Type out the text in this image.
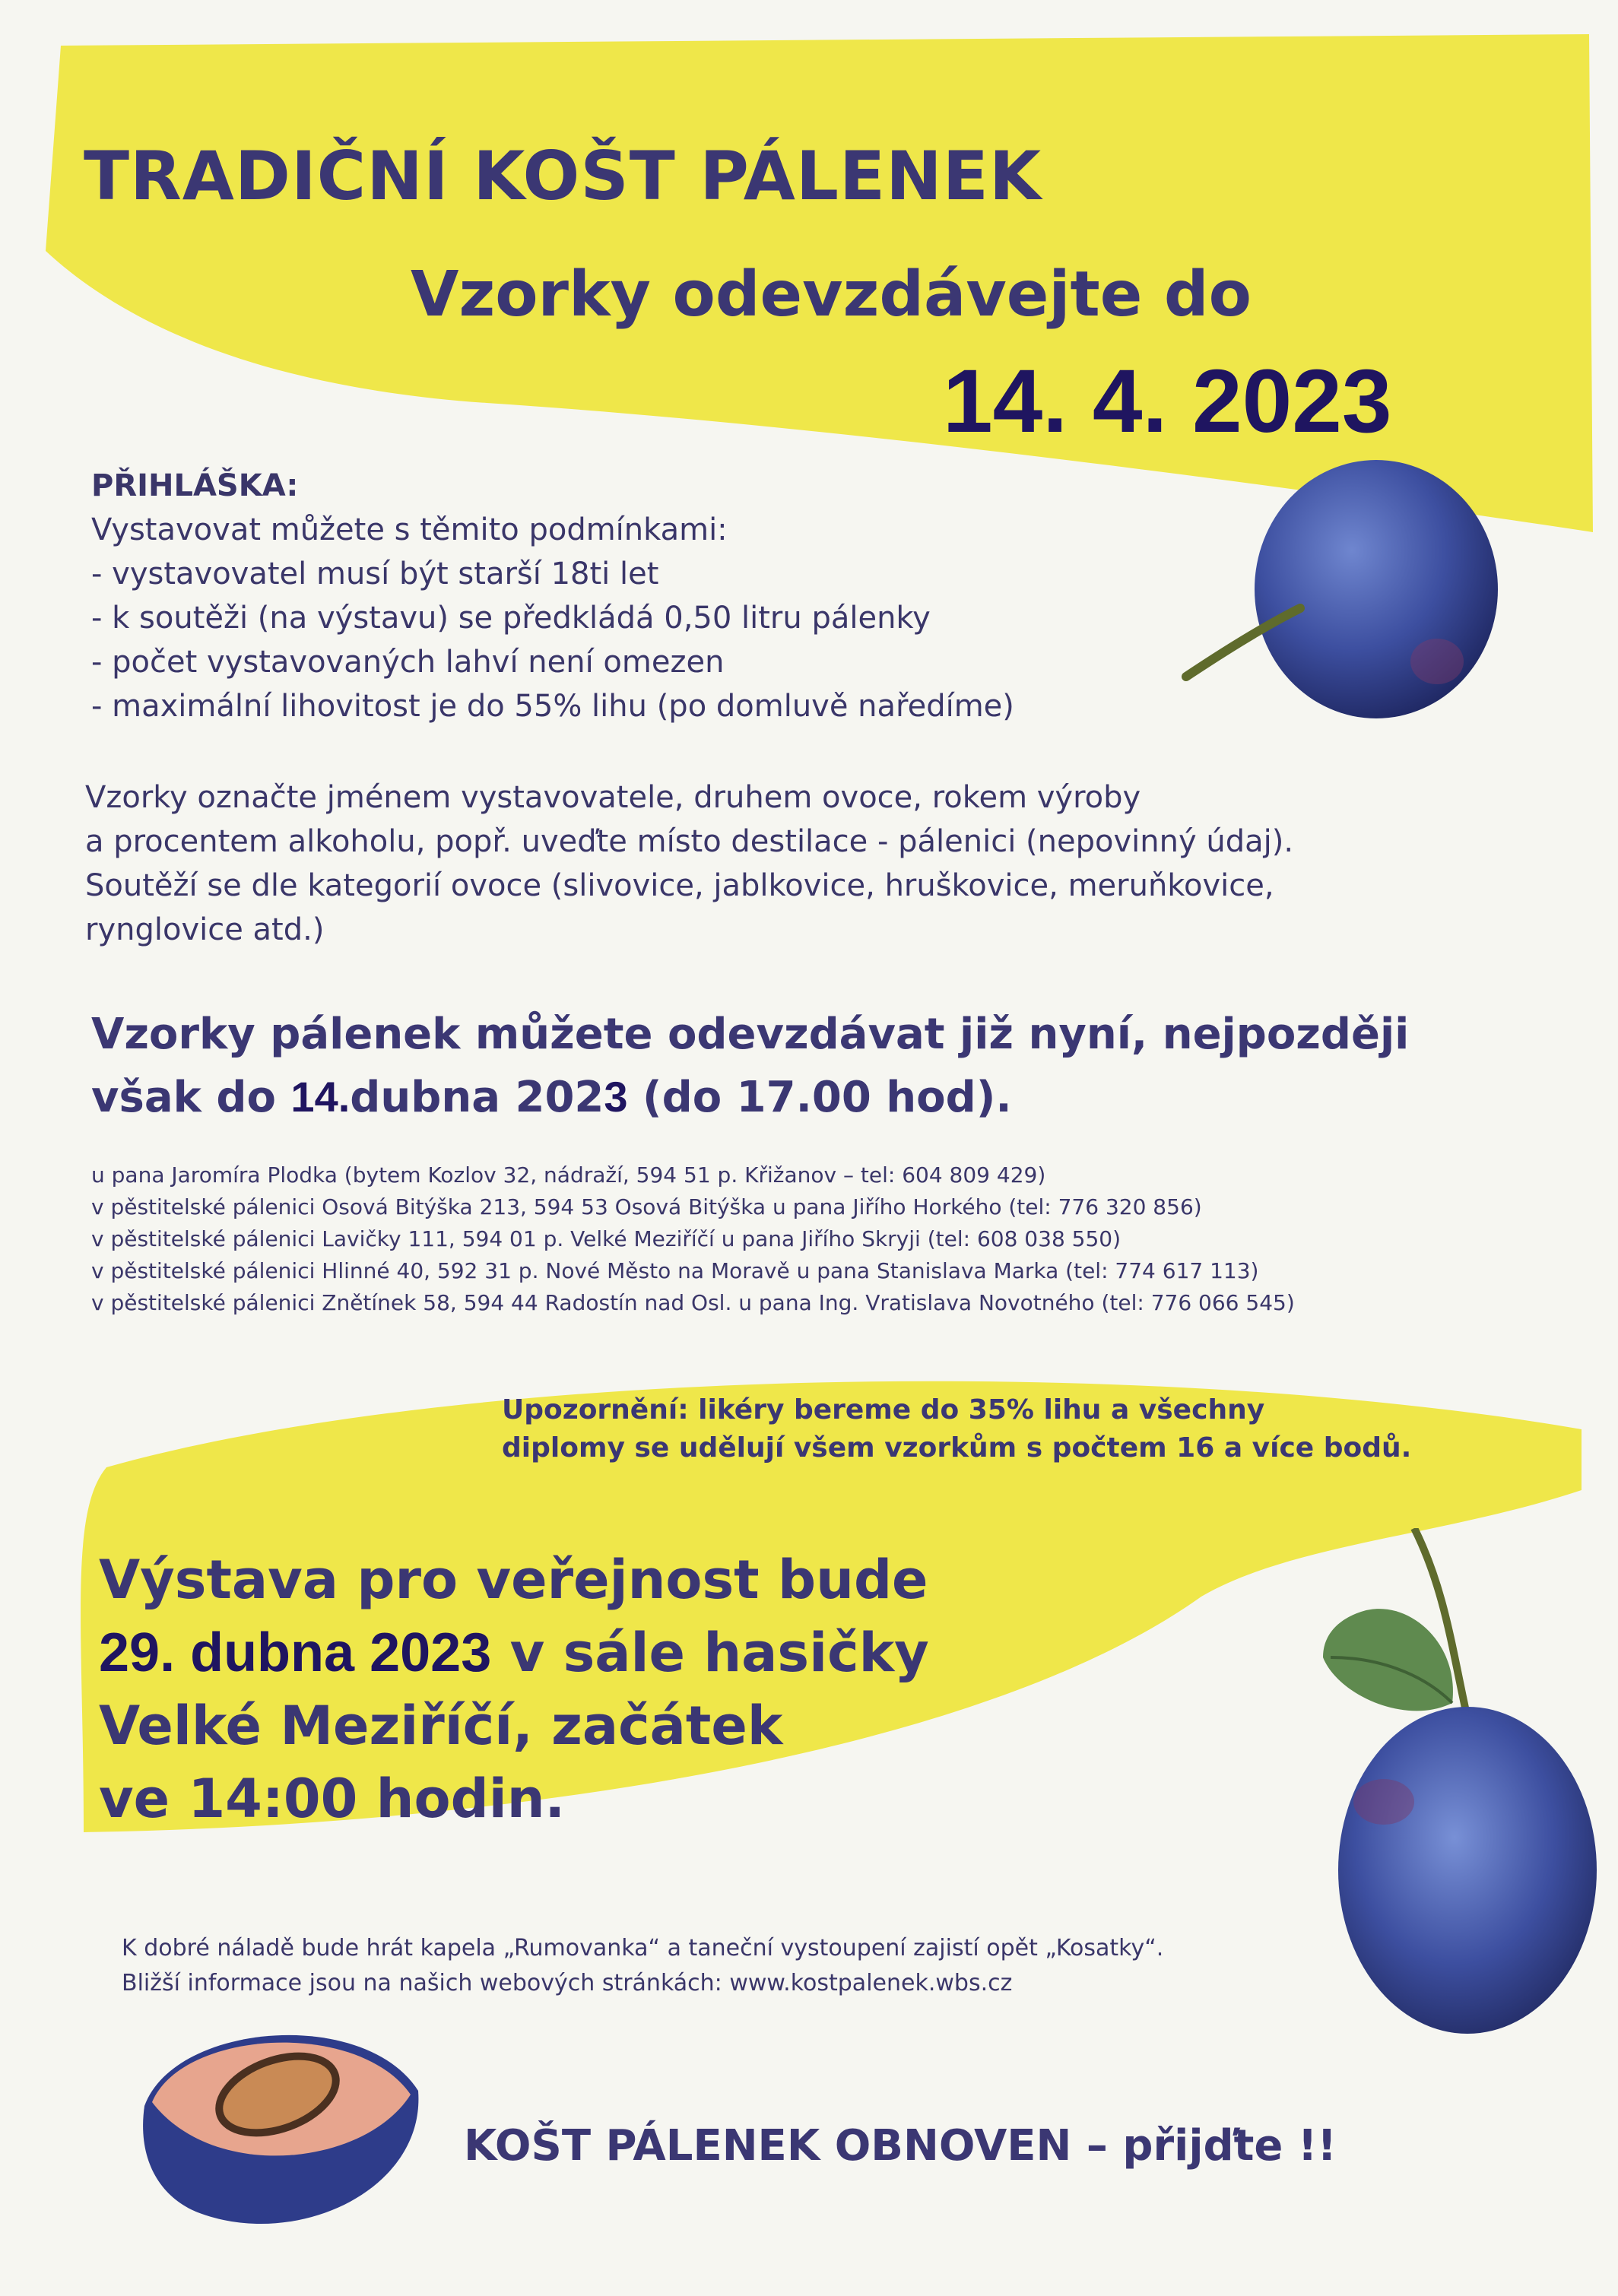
TRADIČNÍ KOŠT PÁLENEK
Vzorky odevzdávejte do
14. 4. 2023
PŘIHLÁŠKA:
Vystavovat můžete s těmito podmínkami:
- vystavovatel musí být starší 18ti let
- k soutěži (na výstavu) se předkládá 0,50 litru pálenky
- počet vystavovaných lahví není omezen
- maximální lihovitost je do 55% lihu (po domluvě naředíme)
Vzorky označte jménem vystavovatele, druhem ovoce, rokem výroby
a procentem alkoholu, popř. uveďte místo destilace - pálenici (nepovinný údaj).
Soutěží se dle kategorií ovoce (slivovice, jablkovice, hruškovice, meruňkovice,
rynglovice atd.)
Vzorky pálenek můžete odevzdávat již nyní, nejpozději
však do 14.dubna 2023 (do 17.00 hod).
u pana Jaromíra Plodka (bytem Kozlov 32, nádraží, 594 51 p. Křižanov – tel: 604 809 429)
v pěstitelské pálenici Osová Bitýška 213, 594 53 Osová Bitýška u pana Jiřího Horkého (tel: 776 320 856)
v pěstitelské pálenici Lavičky 111, 594 01 p. Velké Meziříčí u pana Jiřího Skryji (tel: 608 038 550)
v pěstitelské pálenici Hlinné 40, 592 31 p. Nové Město na Moravě u pana Stanislava Marka (tel: 774 617 113)
v pěstitelské pálenici Znětínek 58, 594 44 Radostín nad Osl. u pana Ing. Vratislava Novotného (tel: 776 066 545)
Upozornění: likéry bereme do 35% lihu a všechny
diplomy se udělují všem vzorkům s počtem 16 a více bodů.
Výstava pro veřejnost bude
29. dubna 2023 v sále hasičky
Velké Meziříčí, začátek
ve 14:00 hodin.
K dobré náladě bude hrát kapela „Rumovanka“ a taneční vystoupení zajistí opět „Kosatky“.
Bližší informace jsou na našich webových stránkách: www.kostpalenek.wbs.cz
KOŠT PÁLENEK OBNOVEN – přijďte !!
